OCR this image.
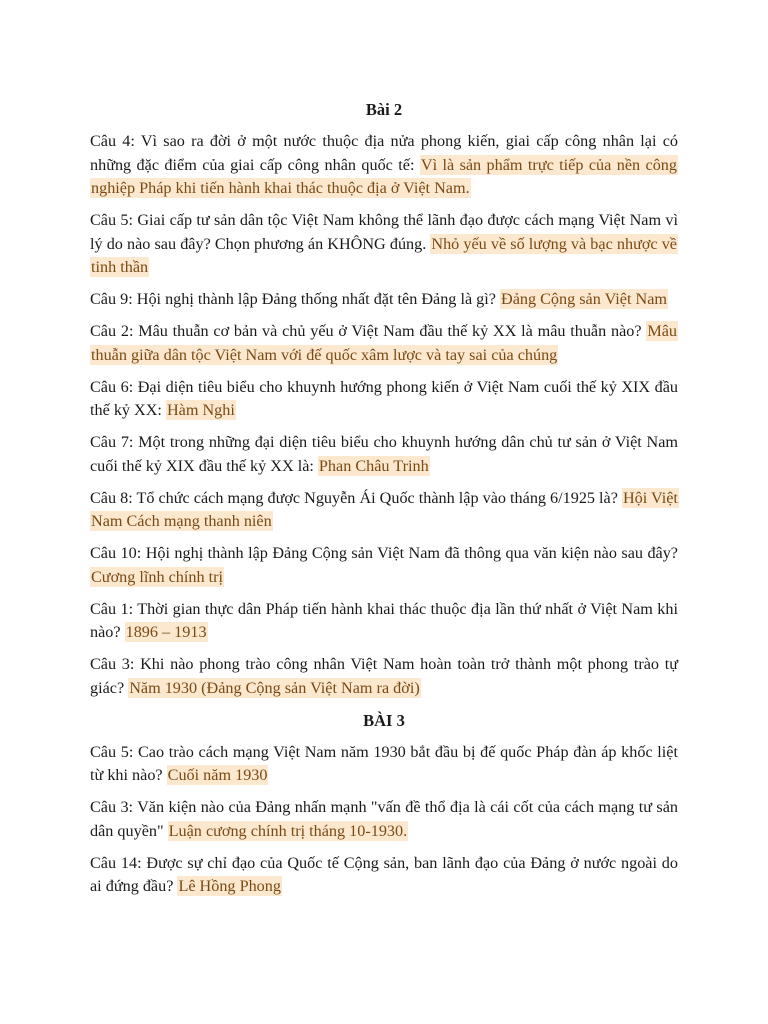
Bài 2

Câu 4: Vì sao ra đời ở một nước thuộc địa nửa phong kiến, giai cấp công nhân lại có những đặc điểm của giai cấp công nhân quốc tế: Vì là sản phẩm trực tiếp của nền công nghiệp Pháp khi tiến hành khai thác thuộc địa ở Việt Nam.

Câu 5: Giai cấp tư sản dân tộc Việt Nam không thể lãnh đạo được cách mạng Việt Nam vì lý do nào sau đây? Chọn phương án KHÔNG đúng. Nhỏ yếu về số lượng và bạc nhược về tinh thần

Câu 9: Hội nghị thành lập Đảng thống nhất đặt tên Đảng là gì? Đảng Cộng sản Việt Nam

Câu 2: Mâu thuẫn cơ bản và chủ yếu ở Việt Nam đầu thế kỷ XX là mâu thuẫn nào? Mâu thuẫn giữa dân tộc Việt Nam với đế quốc xâm lược và tay sai của chúng

Câu 6: Đại diện tiêu biểu cho khuynh hướng phong kiến ở Việt Nam cuối thế kỷ XIX đầu thế kỷ XX: Hàm Nghi

Câu 7: Một trong những đại diện tiêu biểu cho khuynh hướng dân chủ tư sản ở Việt Nam cuối thế kỷ XIX đầu thế kỷ XX là: Phan Châu Trinh

Câu 8: Tổ chức cách mạng được Nguyễn Ái Quốc thành lập vào tháng 6/1925 là? Hội Việt Nam Cách mạng thanh niên

Câu 10: Hội nghị thành lập Đảng Cộng sản Việt Nam đã thông qua văn kiện nào sau đây? Cương lĩnh chính trị

Câu 1: Thời gian thực dân Pháp tiến hành khai thác thuộc địa lần thứ nhất ở Việt Nam khi nào? 1896 – 1913

Câu 3: Khi nào phong trào công nhân Việt Nam hoàn toàn trở thành một phong trào tự giác? Năm 1930 (Đảng Cộng sản Việt Nam ra đời)

BÀI 3

Câu 5: Cao trào cách mạng Việt Nam năm 1930 bắt đầu bị đế quốc Pháp đàn áp khốc liệt từ khi nào? Cuối năm 1930

Câu 3: Văn kiện nào của Đảng nhấn mạnh "vấn đề thổ địa là cái cốt của cách mạng tư sản dân quyền" Luận cương chính trị tháng 10-1930.

Câu 14: Được sự chỉ đạo của Quốc tế Cộng sản, ban lãnh đạo của Đảng ở nước ngoài do ai đứng đầu? Lê Hồng Phong
